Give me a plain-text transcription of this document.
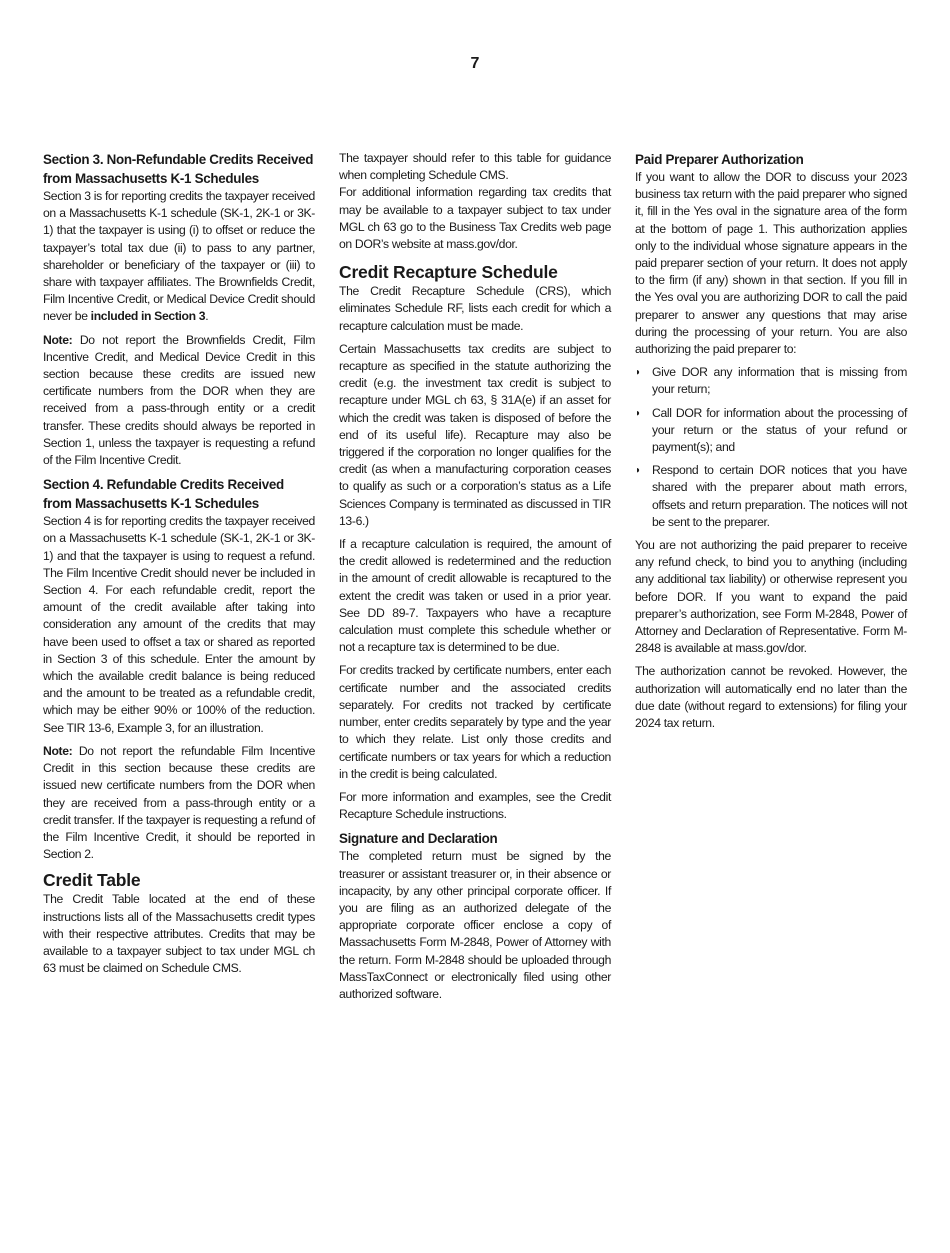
7
Section 3. Non-Refundable Credits Received from Massachusetts K-1 Schedules

Section 3 is for reporting credits the taxpayer received on a Massachusetts K-1 schedule (SK-1, 2K-1 or 3K-1) that the taxpayer is using (i) to offset or reduce the taxpayer’s total tax due (ii) to pass to any partner, shareholder or beneficiary of the taxpayer or (iii) to share with taxpayer affiliates. The Brownfields Credit, Film Incentive Credit, or Medical Device Credit should never be included in Section 3.

Note: Do not report the Brownfields Credit, Film Incentive Credit, and Medical Device Credit in this section because these credits are issued new certificate numbers from the DOR when they are received from a pass-through entity or a credit transfer. These credits should always be reported in Section 1, unless the taxpayer is requesting a refund of the Film Incentive Credit.

Section 4. Refundable Credits Received from Massachusetts K-1 Schedules

Section 4 is for reporting credits the taxpayer received on a Massachusetts K-1 schedule (SK-1, 2K-1 or 3K-1) and that the taxpayer is using to request a refund. The Film Incentive Credit should never be included in Section 4. For each refundable credit, report the amount of the credit available after taking into consideration any amount of the credits that may have been used to offset a tax or shared as reported in Section 3 of this schedule. Enter the amount by which the available credit balance is being reduced and the amount to be treated as a refundable credit, which may be either 90% or 100% of the reduction. See TIR 13-6, Example 3, for an illustration.

Note: Do not report the refundable Film Incentive Credit in this section because these credits are issued new certificate numbers from the DOR when they are received from a pass-through entity or a credit transfer. If the taxpayer is requesting a refund of the Film Incentive Credit, it should be reported in Section 2.

Credit Table

The Credit Table located at the end of these instructions lists all of the Massachusetts credit types with their respective attributes. Credits that may be available to a taxpayer subject to tax under MGL ch 63 must be claimed on Schedule CMS.

The taxpayer should refer to this table for guidance when completing Schedule CMS.

For additional information regarding tax credits that may be available to a taxpayer subject to tax under MGL ch 63 go to the Business Tax Credits web page on DOR’s website at mass.gov/dor.

Credit Recapture Schedule

The Credit Recapture Schedule (CRS), which eliminates Schedule RF, lists each credit for which a recapture calculation must be made.

Certain Massachusetts tax credits are subject to recapture as specified in the statute authorizing the credit (e.g. the investment tax credit is subject to recapture under MGL ch 63, § 31A(e) if an asset for which the credit was taken is disposed of before the end of its useful life). Recapture may also be triggered if the corporation no longer qualifies for the credit (as when a manufacturing corporation ceases to qualify as such or a corporation’s status as a Life Sciences Company is terminated as discussed in TIR 13-6.)

If a recapture calculation is required, the amount of the credit allowed is redetermined and the reduction in the amount of credit allowable is recaptured to the extent the credit was taken or used in a prior year. See DD 89-7. Taxpayers who have a recapture calculation must complete this schedule whether or not a recapture tax is determined to be due.

For credits tracked by certificate numbers, enter each certificate number and the associated credits separately. For credits not tracked by certificate number, enter credits separately by type and the year to which they relate. List only those credits and certificate numbers or tax years for which a reduction in the credit is being calculated.

For more information and examples, see the Credit Recapture Schedule instructions.

Signature and Declaration

The completed return must be signed by the treasurer or assistant treasurer or, in their absence or incapacity, by any other principal corporate officer. If you are filing as an authorized delegate of the appropriate corporate officer enclose a copy of Massachusetts Form M-2848, Power of Attorney with the return. Form M-2848 should be uploaded through MassTaxConnect or electronically filed using other authorized software.

Paid Preparer Authorization

If you want to allow the DOR to discuss your 2023 business tax return with the paid preparer who signed it, fill in the Yes oval in the signature area of the form at the bottom of page 1. This authorization applies only to the individual whose signature appears in the paid preparer section of your return. It does not apply to the firm (if any) shown in that section. If you fill in the Yes oval you are authorizing DOR to call the paid preparer to answer any questions that may arise during the processing of your return. You are also authorizing the paid preparer to:

◗ Give DOR any information that is missing from your return;
◗ Call DOR for information about the processing of your return or the status of your refund or payment(s); and
◗ Respond to certain DOR notices that you have shared with the preparer about math errors, offsets and return preparation. The notices will not be sent to the preparer.

You are not authorizing the paid preparer to receive any refund check, to bind you to anything (including any additional tax liability) or otherwise represent you before DOR. If you want to expand the paid preparer’s authorization, see Form M-2848, Power of Attorney and Declaration of Representative. Form M-2848 is available at mass.gov/dor.

The authorization cannot be revoked. However, the authorization will automatically end no later than the due date (without regard to extensions) for filing your 2024 tax return.
